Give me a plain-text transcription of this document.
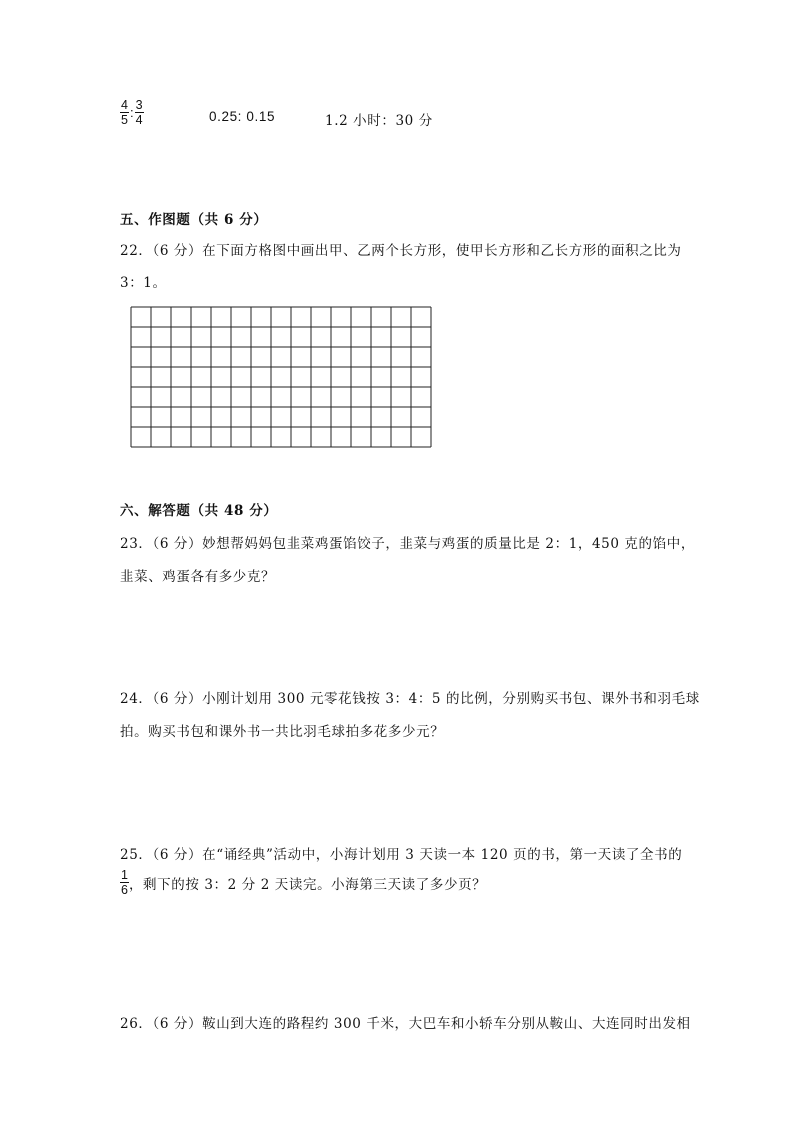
$\frac{4}{5}$ : $\frac{3}{4}$	0.25: 0.15	1.2 小时：30 分
五、作图题（共 6 分）
22．（6 分）在下面方格图中画出甲、乙两个长方形，使甲长方形和乙长方形的面积之比为
3：1。
六、解答题（共 48 分）
23．（6 分）妙想帮妈妈包韭菜鸡蛋馅饺子，韭菜与鸡蛋的质量比是 2：1，450 克的馅中，
韭菜、鸡蛋各有多少克？
24．（6 分）小刚计划用 300 元零花钱按 3：4：5 的比例，分别购买书包、课外书和羽毛球
拍。购买书包和课外书一共比羽毛球拍多花多少元？
25．（6 分）在“诵经典”活动中，小海计划用 3 天读一本 120 页的书，第一天读了全书的
$\frac{1}{6}$ ，剩下的按 3：2 分 2 天读完。小海第三天读了多少页？
26．（6 分）鞍山到大连的路程约 300 千米，大巴车和小轿车分别从鞍山、大连同时出发相
